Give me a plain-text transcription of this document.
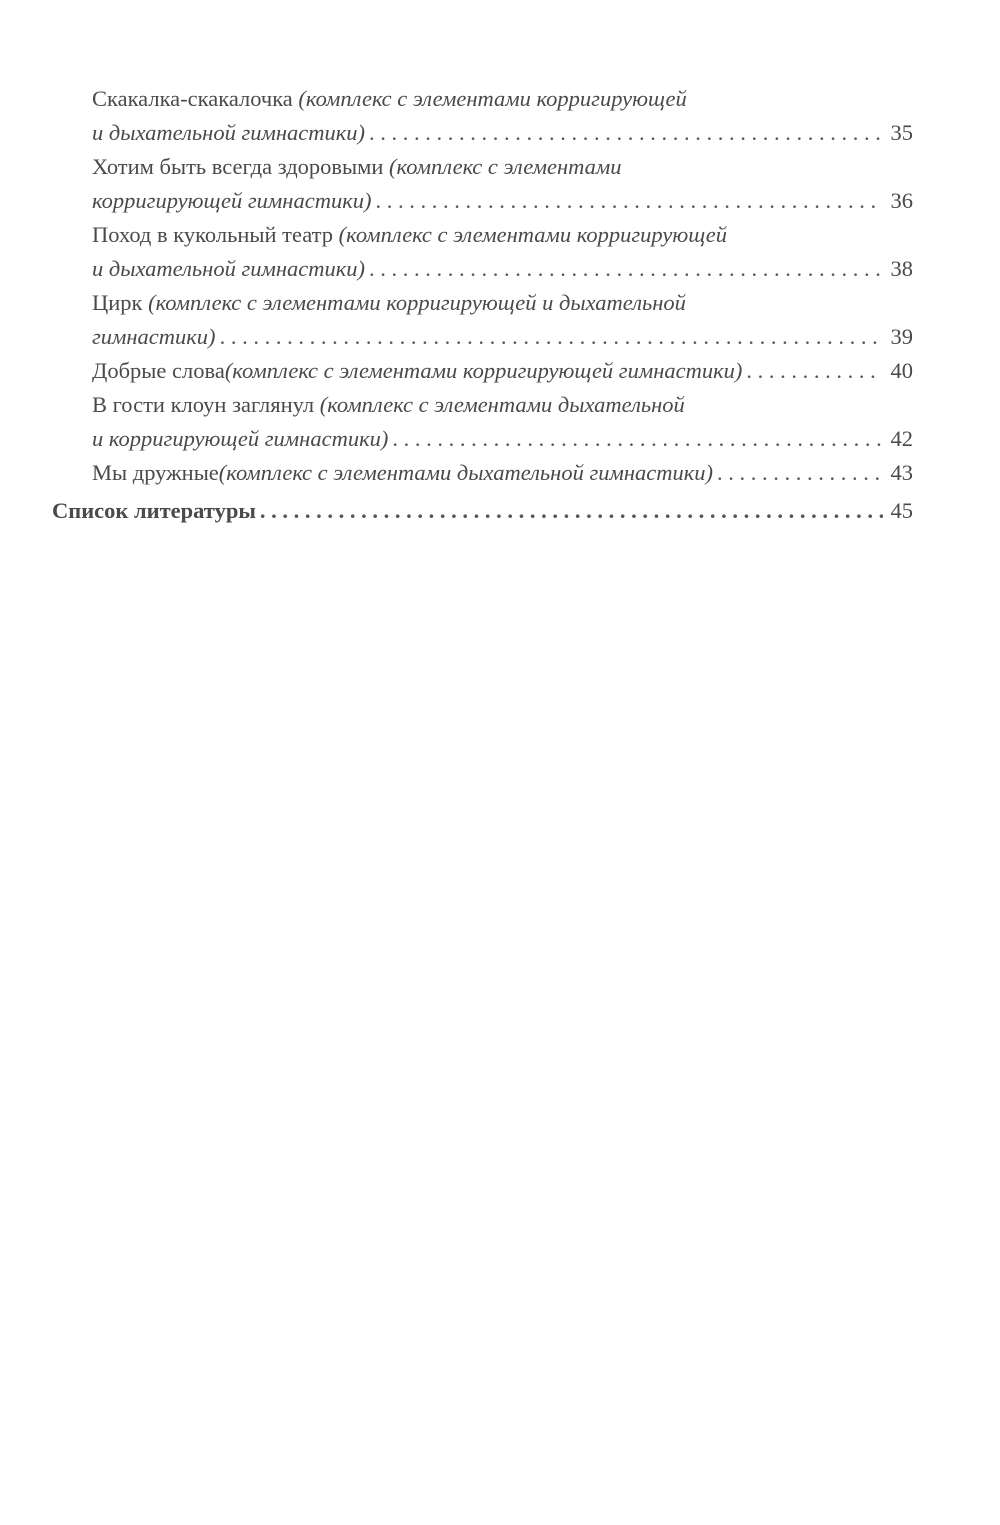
Скакалка-скакалочка (комплекс с элементами корригирующей
и дыхательной гимнастики) . . .	35
Хотим быть всегда здоровыми (комплекс с элементами
корригирующей гимнастики) . . .	36
Поход в кукольный театр (комплекс с элементами корригирующей
и дыхательной гимнастики) . . .	38
Цирк (комплекс с элементами корригирующей и дыхательной
гимнастики) . . .	39
Добрые слова (комплекс с элементами корригирующей гимнастики) . . .	40
В гости клоун заглянул (комплекс с элементами дыхательной
и корригирующей гимнастики) . . .	42
Мы дружные (комплекс с элементами дыхательной гимнастики) . . .	43
Список литературы . . .	45
